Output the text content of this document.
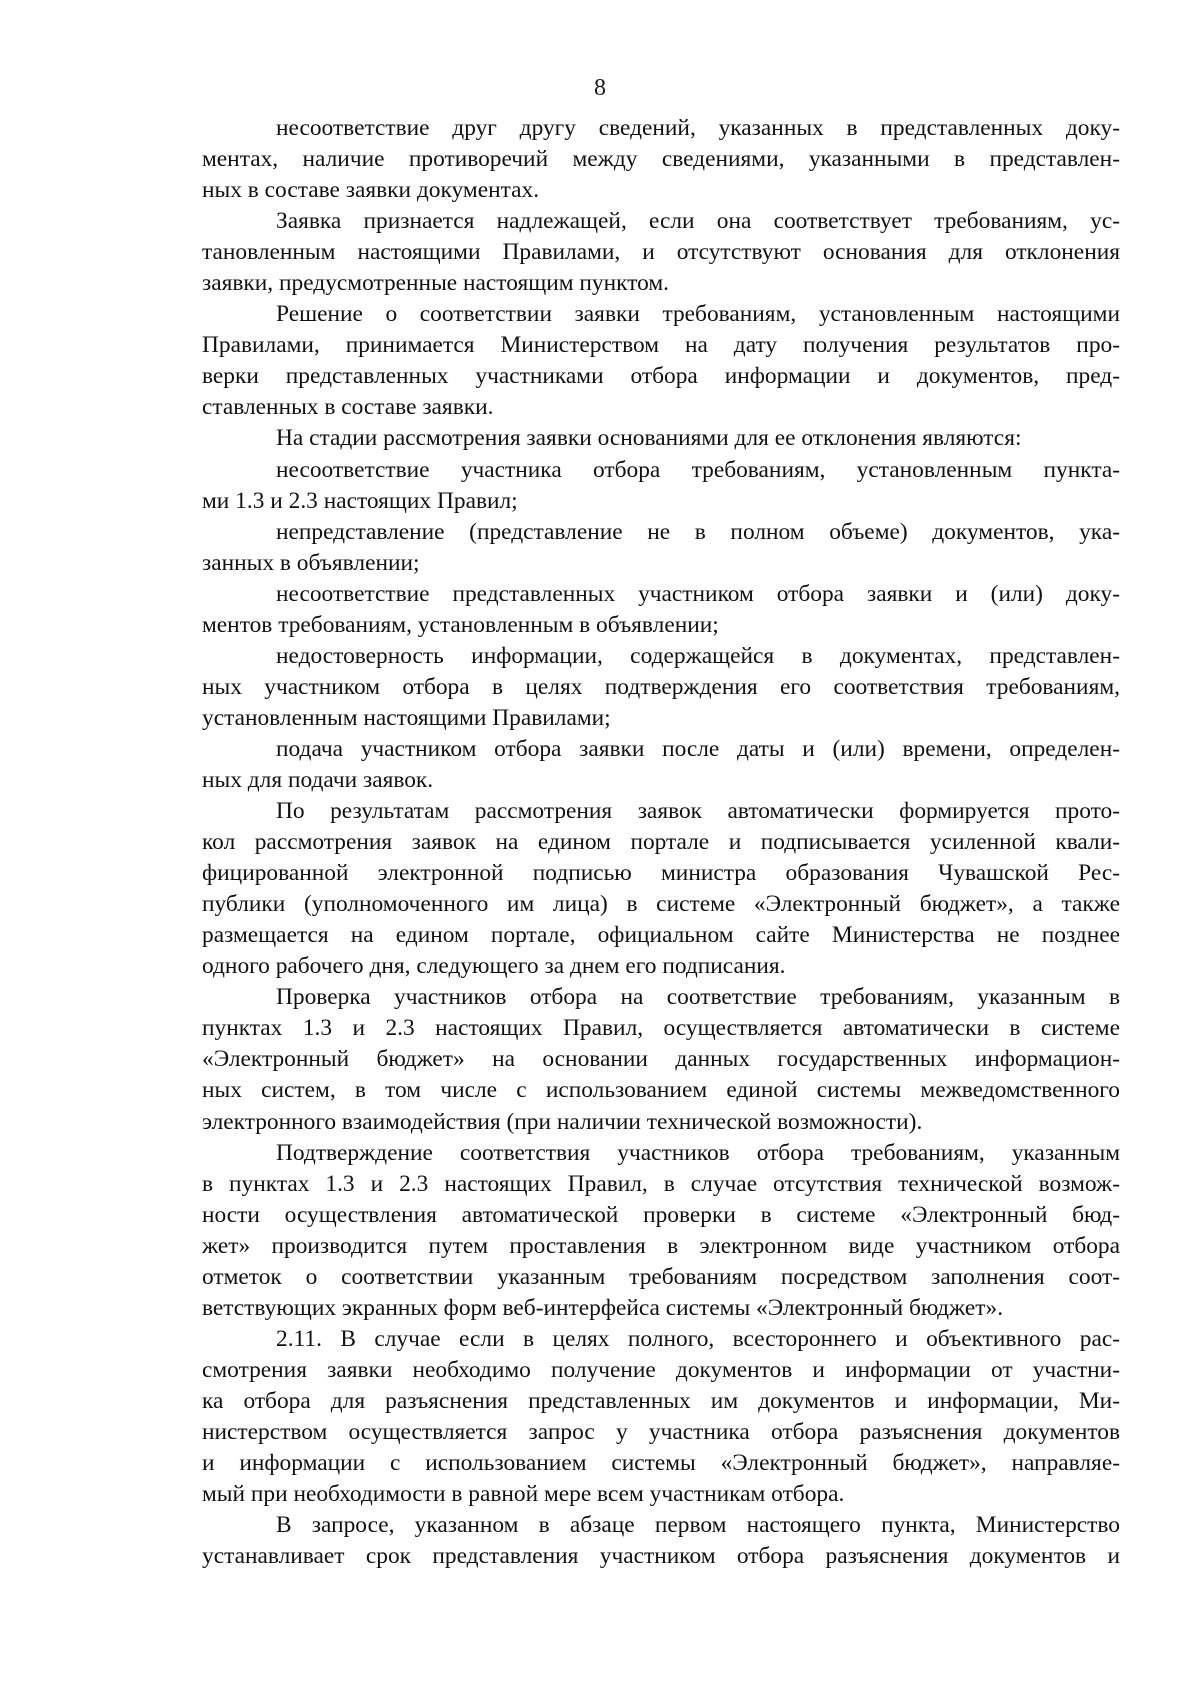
8
несоответствие друг другу сведений, указанных в представленных доку-
ментах, наличие противоречий между сведениями, указанными в представлен-
ных в составе заявки документах.
Заявка признается надлежащей, если она соответствует требованиям, ус-
тановленным настоящими Правилами, и отсутствуют основания для отклонения
заявки, предусмотренные настоящим пунктом.
Решение о соответствии заявки требованиям, установленным настоящими
Правилами, принимается Министерством на дату получения результатов про-
верки представленных участниками отбора информации и документов, пред-
ставленных в составе заявки.
На стадии рассмотрения заявки основаниями для ее отклонения являются:
несоответствие участника отбора требованиям, установленным пункта-
ми 1.3 и 2.3 настоящих Правил;
непредставление (представление не в полном объеме) документов, ука-
занных в объявлении;
несоответствие представленных участником отбора заявки и (или) доку-
ментов требованиям, установленным в объявлении;
недостоверность информации, содержащейся в документах, представлен-
ных участником отбора в целях подтверждения его соответствия требованиям,
установленным настоящими Правилами;
подача участником отбора заявки после даты и (или) времени, определен-
ных для подачи заявок.
По результатам рассмотрения заявок автоматически формируется прото-
кол рассмотрения заявок на едином портале и подписывается усиленной квали-
фицированной электронной подписью министра образования Чувашской Рес-
публики (уполномоченного им лица) в системе «Электронный бюджет», а также
размещается на едином портале, официальном сайте Министерства не позднее
одного рабочего дня, следующего за днем его подписания.
Проверка участников отбора на соответствие требованиям, указанным в
пунктах 1.3 и 2.3 настоящих Правил, осуществляется автоматически в системе
«Электронный бюджет» на основании данных государственных информацион-
ных систем, в том числе с использованием единой системы межведомственного
электронного взаимодействия (при наличии технической возможности).
Подтверждение соответствия участников отбора требованиям, указанным
в пунктах 1.3 и 2.3 настоящих Правил, в случае отсутствия технической возмож-
ности осуществления автоматической проверки в системе «Электронный бюд-
жет» производится путем проставления в электронном виде участником отбора
отметок о соответствии указанным требованиям посредством заполнения соот-
ветствующих экранных форм веб-интерфейса системы «Электронный бюджет».
2.11. В случае если в целях полного, всестороннего и объективного рас-
смотрения заявки необходимо получение документов и информации от участни-
ка отбора для разъяснения представленных им документов и информации, Ми-
нистерством осуществляется запрос у участника отбора разъяснения документов
и информации с использованием системы «Электронный бюджет», направляе-
мый при необходимости в равной мере всем участникам отбора.
В запросе, указанном в абзаце первом настоящего пункта, Министерство
устанавливает срок представления участником отбора разъяснения документов и
